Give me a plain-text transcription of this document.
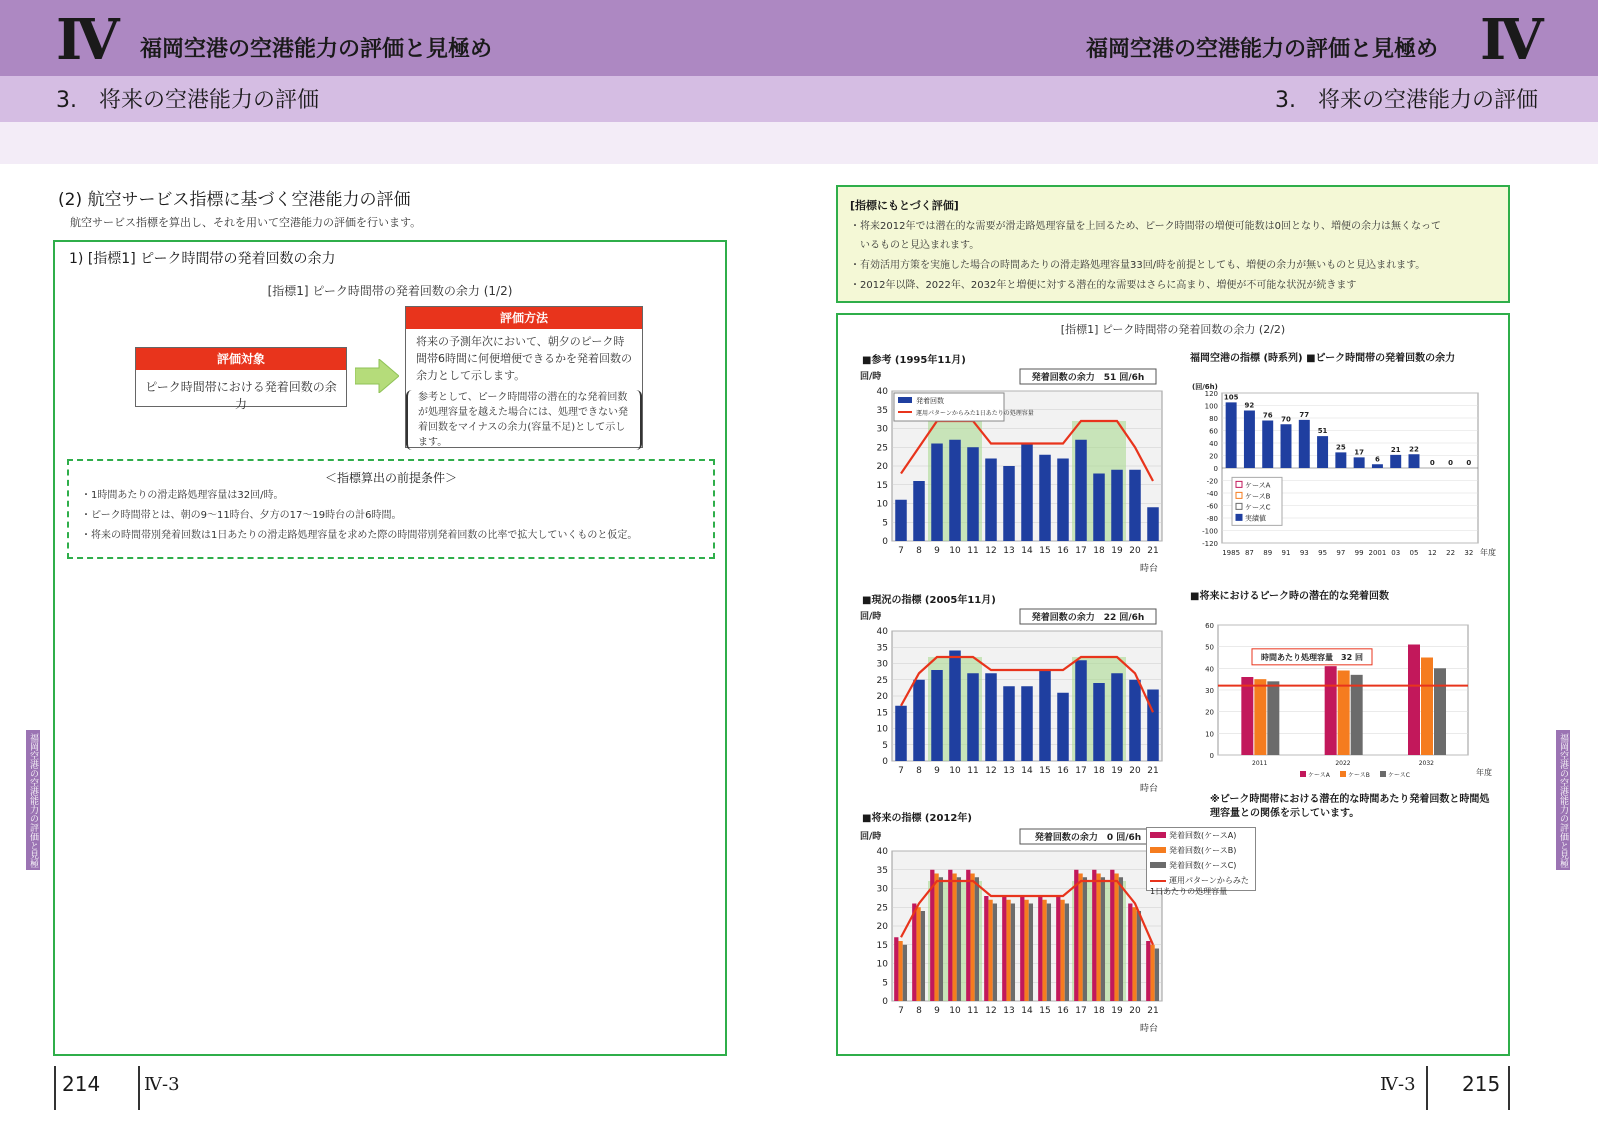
Ⅳ 福岡空港の空港能力の評価と見極め	福岡空港の空港能力の評価と見極め Ⅳ
3.　将来の空港能力の評価	3.　将来の空港能力の評価
(2) 航空サービス指標に基づく空港能力の評価
航空サービス指標を算出し、それを用いて空港能力の評価を行います。
1) [指標1] ピーク時間帯の発着回数の余力
[指標1] ピーク時間帯の発着回数の余力 (1/2)
評価対象
ピーク時間帯における発着回数の余力
評価方法
将来の予測年次において、朝夕のピーク時間帯6時間に何便増便できるかを発着回数の余力として示します。
参考として、ピーク時間帯の潜在的な発着回数が処理容量を越えた場合には、処理できない発着回数をマイナスの余力(容量不足)として示します。
＜指標算出の前提条件＞
・1時間あたりの滑走路処理容量は32回/時。
・ピーク時間帯とは、朝の9～11時台、夕方の17～19時台の計6時間。
・将来の時間帯別発着回数は1日あたりの滑走路処理容量を求めた際の時間帯別発着回数の比率で拡大していくものと仮定。
[指標にもとづく評価]
・将来2012年では潜在的な需要が滑走路処理容量を上回るため、ピーク時間帯の増便可能数は0回となり、増便の余力は無くなって
　いるものと見込まれます。
・有効活用方策を実施した場合の時間あたりの滑走路処理容量33回/時を前提としても、増便の余力が無いものと見込まれます。
・2012年以降、2022年、2032年と増便に対する潜在的な需要はさらに高まり、増便が不可能な状況が続きます
[指標1] ピーク時間帯の発着回数の余力 (2/2)
■参考 (1995年11月)
0
5
10
15
20
25
30
35
40
回/時
7 8 9 10 11 12 13 14 15 16 17 18 19 20 21
時台
発着回数の余力　51 回/6h
発着回数
運用パターンからみた1日あたりの処理容量
■現況の指標 (2005年11月)
0
5
10
15
20
25
30
35
40
回/時
7 8 9 10 11 12 13 14 15 16 17 18 19 20 21
時台
発着回数の余力　22 回/6h
■将来の指標 (2012年)
0
5
10
15
20
25
30
35
40
回/時
7 8 9 10 11 12 13 14 15 16 17 18 19 20 21
時台
発着回数の余力　0 回/6h	発着回数(ケースA)
発着回数(ケースB)
発着回数(ケースC)
運用パターンからみた1日あたりの処理容量
福岡空港の指標 (時系列) ■ピーク時間帯の発着回数の余力
-120
-100
-80
-60
-40
-20
0
20
40
60
80
100
120
(回/6h)
105
1985
92
87
76
89
70
91
77
93
51
95
25
97
17
99
6
2001
21
03
22
05
0
12
0
22
0
32 年度
ケースA
ケースB
ケースC
実績値
■将来におけるピーク時の潜在的な発着回数
0
10
20
30
40
50
60
時間あたり処理容量　32 回
2011	2022	2032
年度
ケースA	ケースB	ケースC
※ピーク時間帯における潜在的な時間あたり発着回数と時間処理容量との関係を示しています。
福岡空港の空港能力の評価と見極め	福岡空港の空港能力の評価と見極め
214 Ⅳ-3	Ⅳ-3 215
